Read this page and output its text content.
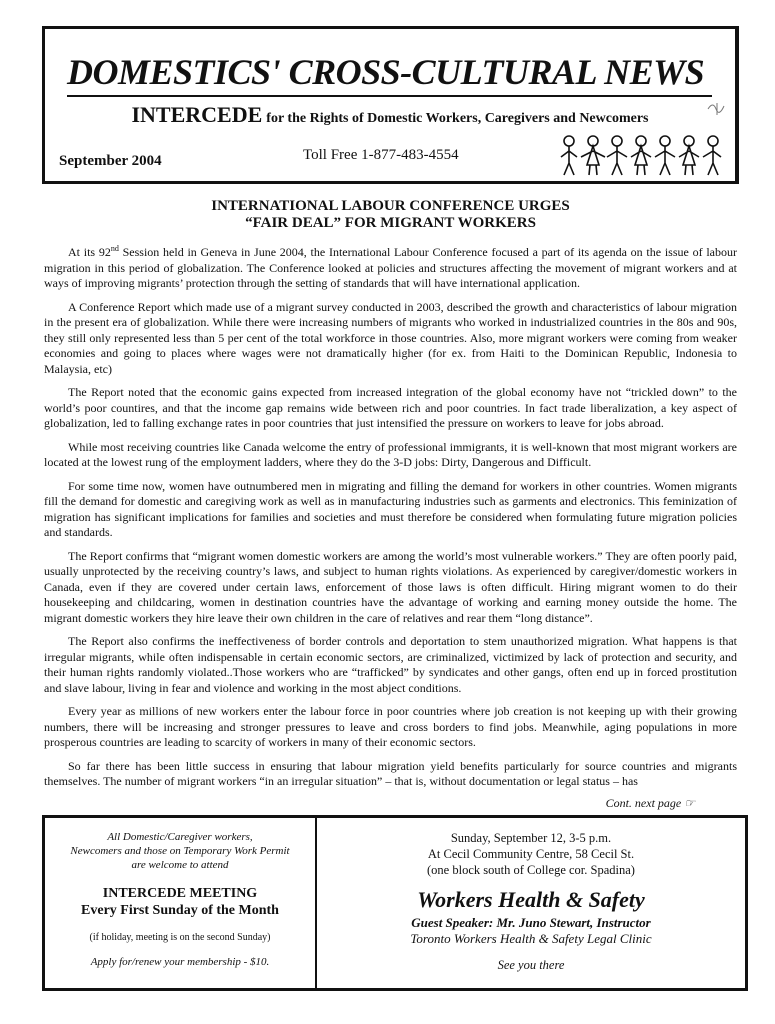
DOMESTICS' CROSS-CULTURAL NEWS
INTERCEDE for the Rights of Domestic Workers, Caregivers and Newcomers
September 2004	Toll Free 1-877-483-4554
INTERNATIONAL LABOUR CONFERENCE URGES
“FAIR DEAL” FOR MIGRANT WORKERS

At its 92nd Session held in Geneva in June 2004, the International Labour Conference focused a part of its agenda on the issue of labour migration in this period of globalization. The Conference looked at policies and structures affecting the movement of migrant workers and at ways of improving migrants’ protection through the setting of standards that will have international application.

A Conference Report which made use of a migrant survey conducted in 2003, described the growth and characteristics of labour migration in the present era of globalization. While there were increasing numbers of migrants who worked in industrialized countries in the 80s and 90s, they still only represented less than 5 per cent of the total workforce in those countries. Also, more migrant workers were coming from weaker economies and going to places where wages were not dramatically higher (for ex. from Haiti to the Dominican Republic, Indonesia to Malaysia, etc)

The Report noted that the economic gains expected from increased integration of the global economy have not “trickled down” to the world’s poor countires, and that the income gap remains wide between rich and poor countries. In fact trade liberalization, a key aspect of globalization, led to falling exchange rates in poor countries that just intensified the pressure on workers to leave for jobs abroad.

While most receiving countries like Canada welcome the entry of professional immigrants, it is well-known that most migrant workers are located at the lowest rung of the employment ladders, where they do the 3-D jobs: Dirty, Dangerous and Difficult.

For some time now, women have outnumbered men in migrating and filling the demand for workers in other countries. Women migrants fill the demand for domestic and caregiving work as well as in manufacturing industries such as garments and electronics. This feminization of migration has significant implications for families and societies and must therefore be considered when formulating future migration policies and standards.

The Report confirms that “migrant women domestic workers are among the world’s most vulnerable workers.” They are often poorly paid, usually unprotected by the receiving country’s laws, and subject to human rights violations. As experienced by caregiver/domestic workers in Canada, even if they are covered under certain laws, enforcement of those laws is often difficult. Hiring migrant women to do their housekeeping and childcaring, women in destination countries have the advantage of working and earning money outside the home. The migrant domestic workers they hire leave their own children in the care of relatives and rear them “long distance”.

The Report also confirms the ineffectiveness of border controls and deportation to stem unauthorized migration. What happens is that irregular migrants, while often indispensable in certain economic sectors, are criminalized, victimized by lack of protection and security, and their human rights randomly violated..Those workers who are “trafficked” by syndicates and other gangs, often end up in forced prostitution and slave labour, living in fear and violence and working in the most abject conditions.

Every year as millions of new workers enter the labour force in poor countries where job creation is not keeping up with their growing numbers, there will be increasing and stronger pressures to leave and cross borders to find jobs. Meanwhile, aging populations in more prosperous countries are leading to scarcity of workers in many of their economic sectors.

So far there has been little success in ensuring that labour migration yield benefits particularly for source countries and migrants themselves. The number of migrant workers “in an irregular situation” – that is, without documentation or legal status – has

Cont. next page ☞
All Domestic/Caregiver workers,
Newcomers and those on Temporary Work Permit
are welcome to attend
INTERCEDE MEETING
Every First Sunday of the Month
(if holiday, meeting is on the second Sunday)
Apply for/renew your membership - $10.
Sunday, September 12, 3-5 p.m.
At Cecil Community Centre, 58 Cecil St.
(one block south of College cor. Spadina)
Workers Health & Safety
Guest Speaker: Mr. Juno Stewart, Instructor
Toronto Workers Health & Safety Legal Clinic
See you there
